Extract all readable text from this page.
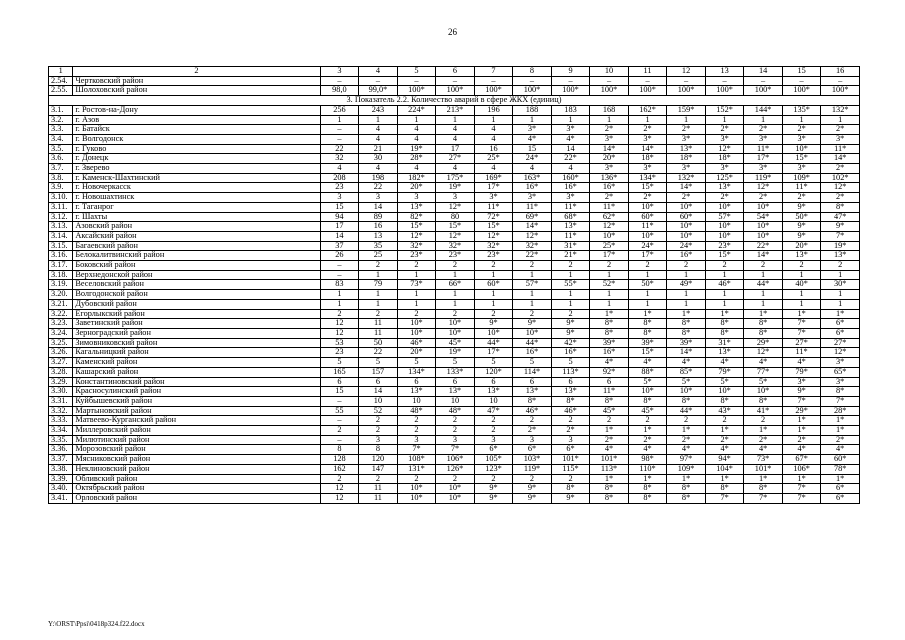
26
1	2	3	4	5	6	7	8	9	10	11	12	13	14	15	16
2.54.	Чертковский район	–	–	–	–	–	–	–	–	–	–	–	–	–	–
2.55.	Шолоховский район	98,0	99,0*	100*	100*	100*	100*	100*	100*	100*	100*	100*	100*	100*	100*
3. Показатель 2.2. Количество аварий в сфере ЖКХ (единиц)															
3.1.	г. Ростов-на-Дону	256	243	224*	213*	196	188	183	168	162*	159*	152*	144*	135*	132*
3.2.	г. Азов	1	1	1	1	1	1	1	1	1	1	1	1	1	1
3.3.	г. Батайск	–	4	4	4	4	3*	3*	2*	2*	2*	2*	2*	2*	2*
3.4.	г. Волгодонск	–	4	4	4	4	4*	4*	3*	3*	3*	3*	3*	3*	3*
3.5.	г. Гуково	22	21	19*	17	16	15	14	14*	14*	13*	12*	11*	10*	11*
3.6.	г. Донецк	32	30	28*	27*	25*	24*	22*	20*	18*	18*	18*	17*	15*	14*
3.7.	г. Зверево	4	4	4	4	4	4	4	3*	3*	3*	3*	3*	3*	2*
3.8.	г. Каменск-Шахтинский	208	198	182*	175*	169*	163*	160*	136*	134*	132*	125*	119*	109*	102*
3.9.	г. Новочеркасск	23	22	20*	19*	17*	16*	16*	16*	15*	14*	13*	12*	11*	12*
3.10.	г. Новошахтинск	3	3	3	3	3*	3*	3*	2*	2*	2*	2*	2*	2*	2*
3.11.	г. Таганрог	15	14	13*	12*	11*	11*	11*	11*	10*	10*	10*	10*	9*	8*
3.12.	г. Шахты	94	89	82*	80	72*	69*	68*	62*	60*	60*	57*	54*	50*	47*
3.13.	Азовский район	17	16	15*	15*	15*	14*	13*	12*	11*	10*	10*	10*	9*	9*
3.14.	Аксайский район	14	13	12*	12*	12*	12*	11*	10*	10*	10*	10*	10*	9*	7*
3.15.	Багаевский район	37	35	32*	32*	32*	32*	31*	25*	24*	24*	23*	22*	20*	19*
3.16.	Белокалитвинский район	26	25	23*	23*	23*	22*	21*	17*	17*	16*	15*	14*	13*	13*
3.17.	Боковский район	–	2	2	2	2	2	2	2	2	2	2	2	2	2
3.18.	Верхнедонской район	–	1	1	1	1	1	1	1	1	1	1	1	1	1
3.19.	Веселовский район	83	79	73*	66*	60*	57*	55*	52*	50*	49*	46*	44*	40*	30*
3.20.	Волгодонской район	1	1	1	1	1	1	1	1	1	1	1	1	1	1
3.21.	Дубовский район	1	1	1	1	1	1	1	1	1	1	1	1	1	1
3.22.	Егорлыкский район	2	2	2	2	2	2	2	1*	1*	1*	1*	1*	1*	1*
3.23.	Заветинский район	12	11	10*	10*	9*	9*	9*	8*	8*	8*	8*	8*	7*	6*
3.24.	Зерноградский район	12	11	10*	10*	10*	10*	9*	8*	8*	8*	8*	8*	7*	6*
3.25.	Зимовниковский район	53	50	46*	45*	44*	44*	42*	39*	39*	39*	31*	29*	27*	27*
3.26.	Кагальницкий район	23	22	20*	19*	17*	16*	16*	16*	15*	14*	13*	12*	11*	12*
3.27.	Каменский район	5	5	5	5	5	5	5	4*	4*	4*	4*	4*	4*	3*
3.28.	Кашарский район	165	157	134*	133*	120*	114*	113*	92*	88*	85*	79*	77*	79*	65*
3.29.	Константиновский район	6	6	6	6	6	6	6	6	5*	5*	5*	5*	3*	3*
3.30.	Красносулинский район	15	14	13*	13*	13*	13*	13*	11*	10*	10*	10*	10*	9*	8*
3.31.	Куйбышевский район	–	10	10	10	10	8*	8*	8*	8*	8*	8*	8*	7*	7*
3.32.	Мартыновский район	55	52	48*	48*	47*	46*	46*	45*	45*	44*	43*	41*	29*	28*
3.33.	Матвеево-Курганский район	–	2	2	2	2	2	2	2	2	2	2	2	1*	1*
3.34.	Миллеровский район	2	2	2	2	2	2*	2*	1*	1*	1*	1*	1*	1*	1*
3.35.	Милютинский район	–	3	3	3	3	3	3	2*	2*	2*	2*	2*	2*	2*
3.36.	Морозовский район	8	8	7*	7*	6*	6*	6*	4*	4*	4*	4*	4*	4*	4*
3.37.	Мясниковский район	128	120	108*	106*	105*	103*	101*	101*	98*	97*	94*	73*	67*	60*
3.38.	Неклиновский район	162	147	131*	126*	123*	119*	115*	113*	110*	109*	104*	101*	106*	78*
3.39.	Обливский район	2	2	2	2	2	2	2	1*	1*	1*	1*	1*	1*	1*
3.40.	Октябрьский район	12	11	10*	10*	9*	9*	8*	8*	8*	8*	8*	8*	7*	6*
3.41.	Орловский район	12	11	10*	10*	9*	9*	9*	8*	8*	8*	7*	7*	7*	6*
Y:\ORST\Ppsi\0418p324.f22.docx
